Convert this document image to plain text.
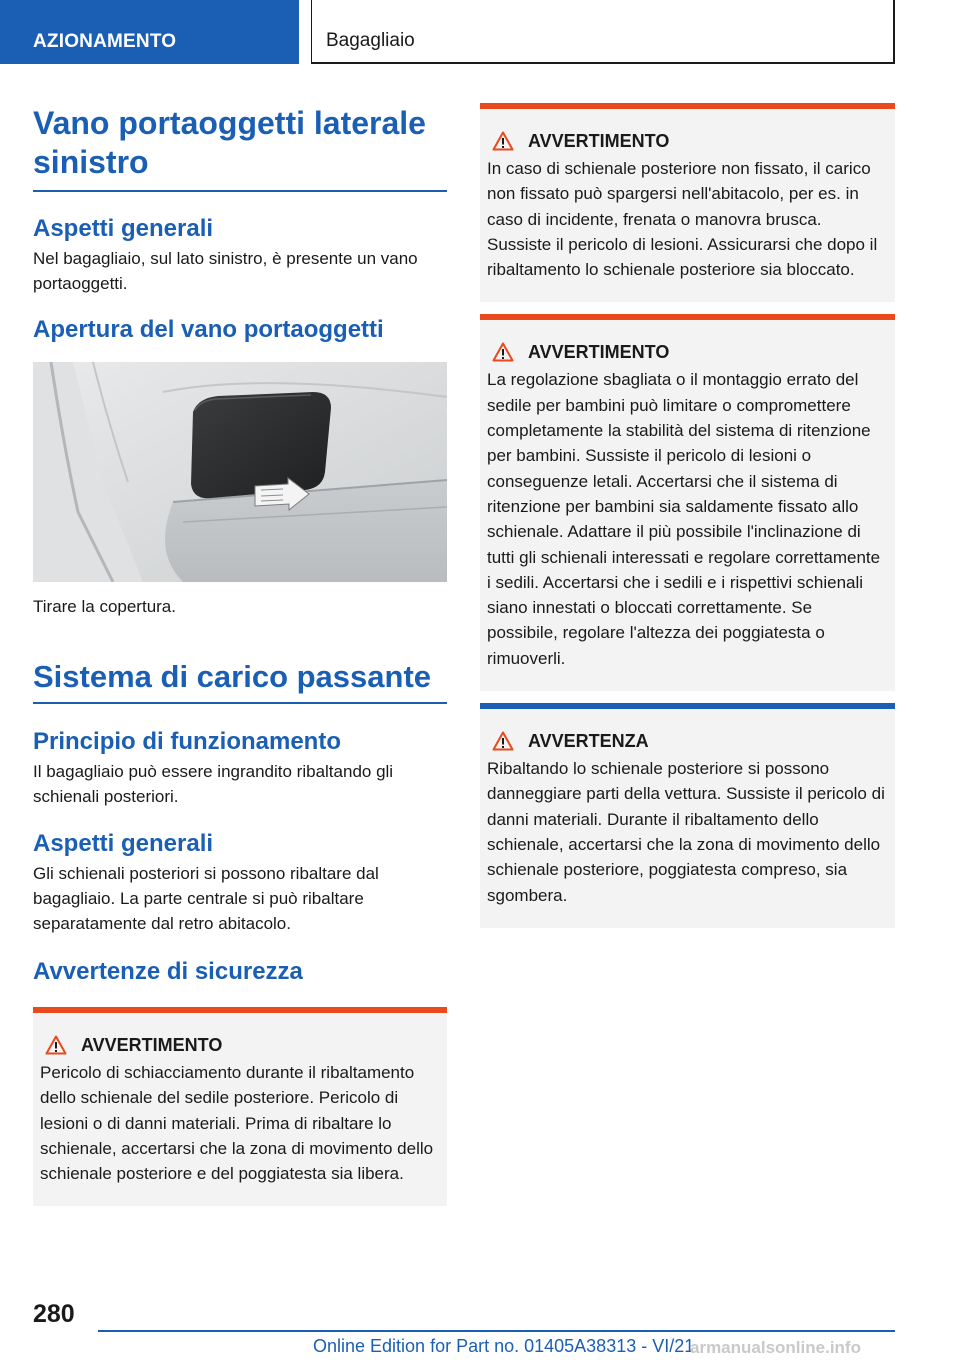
AZIONAMENTO	Bagagliaio
Vano portaoggetti laterale sinistro
Aspetti generali

Nel bagagliaio, sul lato sinistro, è presente un vano portaoggetti.

Apertura del vano portaoggetti

Tirare la copertura.

Sistema di carico passante
Principio di funzionamento

Il bagagliaio può essere ingrandito ribaltando gli schienali posteriori.

Aspetti generali

Gli schienali posteriori si possono ribaltare dal bagagliaio. La parte centrale si può ribaltare separatamente dal retro abitacolo.

Avvertenze di sicurezza
AVVERTIMENTO
Pericolo di schiacciamento durante il ribaltamento dello schienale del sedile posteriore. Pericolo di lesioni o di danni materiali. Prima di ribaltare lo schienale, accertarsi che la zona di movimento dello schienale posteriore e del poggiatesta sia libera.
AVVERTIMENTO
In caso di schienale posteriore non fissato, il carico non fissato può spargersi nell'abitacolo, per es. in caso di incidente, frenata o manovra brusca. Sussiste il pericolo di lesioni. Assicurarsi che dopo il ribaltamento lo schienale posteriore sia bloccato.
AVVERTIMENTO
La regolazione sbagliata o il montaggio errato del sedile per bambini può limitare o compromettere completamente la stabilità del sistema di ritenzione per bambini. Sussiste il pericolo di lesioni o conseguenze letali. Accertarsi che il sistema di ritenzione per bambini sia saldamente fissato allo schienale. Adattare il più possibile l'inclinazione di tutti gli schienali interessati e regolare correttamente i sedili. Accertarsi che i sedili e i rispettivi schienali siano innestati o bloccati correttamente. Se possibile, regolare l'altezza dei poggiatesta o rimuoverli.
AVVERTENZA
Ribaltando lo schienale posteriore si possono danneggiare parti della vettura. Sussiste il pericolo di danni materiali. Durante il ribaltamento dello schienale, accertarsi che la zona di movimento dello schienale posteriore, poggiatesta compreso, sia sgombera.
280
Online Edition for Part no. 01405A38313 - VI/21
armanualsonline.info
